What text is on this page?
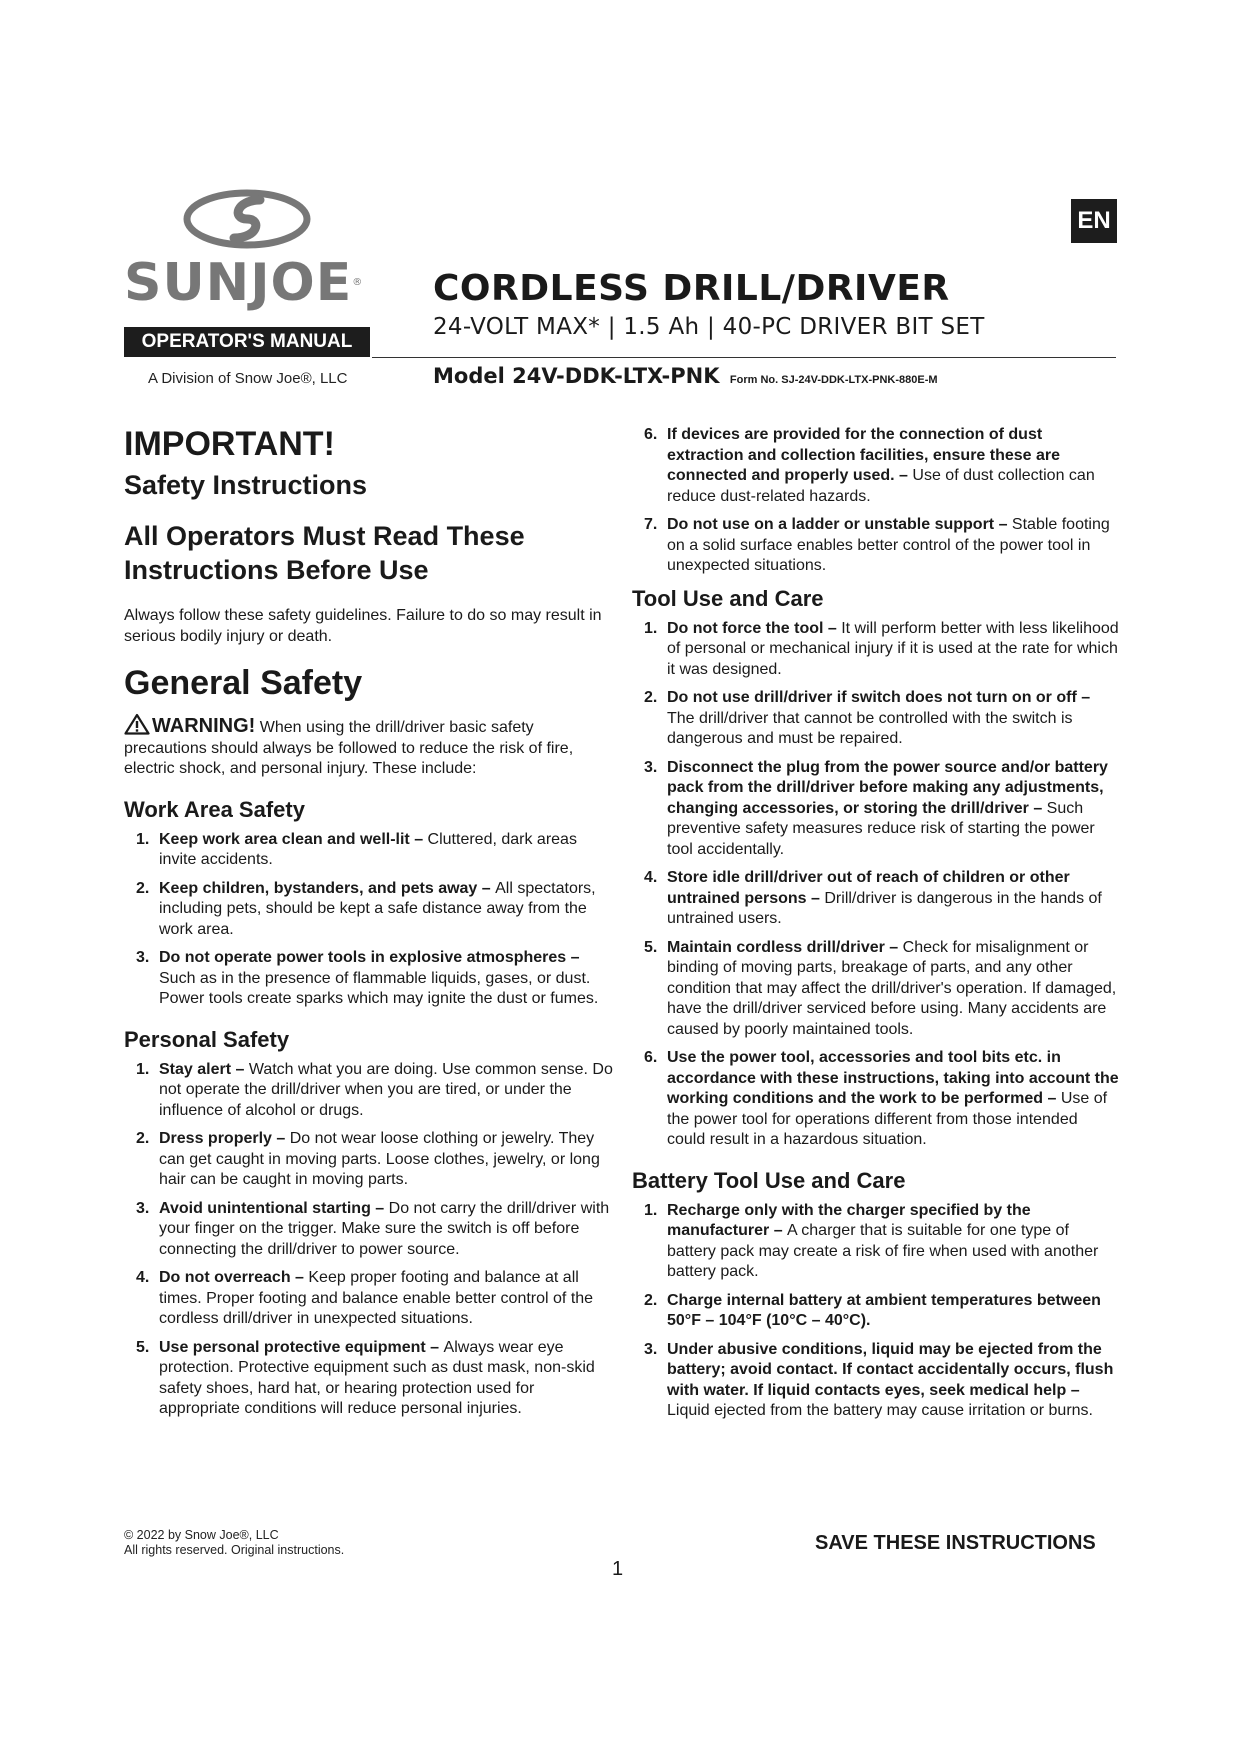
SUNJOE®
OPERATOR'S MANUAL
A Division of Snow Joe®, LLC
CORDLESS DRILL/DRIVER
24-VOLT MAX* | 1.5 Ah | 40-PC DRIVER BIT SET
Model 24V-DDK-LTX-PNK Form No. SJ-24V-DDK-LTX-PNK-880E-M
EN
IMPORTANT!
Safety Instructions
All Operators Must Read These Instructions Before Use

Always follow these safety guidelines. Failure to do so may result in serious bodily injury or death.

General Safety

WARNING! When using the drill/driver basic safety precautions should always be followed to reduce the risk of fire, electric shock, and personal injury. These include:

Work Area Safety
1. Keep work area clean and well-lit – Cluttered, dark areas invite accidents.
2. Keep children, bystanders, and pets away – All spectators, including pets, should be kept a safe distance away from the work area.
3. Do not operate power tools in explosive atmospheres – Such as in the presence of flammable liquids, gases, or dust. Power tools create sparks which may ignite the dust or fumes.
Personal Safety
1. Stay alert – Watch what you are doing. Use common sense. Do not operate the drill/driver when you are tired, or under the influence of alcohol or drugs.
2. Dress properly – Do not wear loose clothing or jewelry. They can get caught in moving parts. Loose clothes, jewelry, or long hair can be caught in moving parts.
3. Avoid unintentional starting – Do not carry the drill/driver with your finger on the trigger. Make sure the switch is off before connecting the drill/driver to power source.
4. Do not overreach – Keep proper footing and balance at all times. Proper footing and balance enable better control of the cordless drill/driver in unexpected situations.
5. Use personal protective equipment – Always wear eye protection. Protective equipment such as dust mask, non-skid safety shoes, hard hat, or hearing protection used for appropriate conditions will reduce personal injuries.
6. If devices are provided for the connection of dust extraction and collection facilities, ensure these are connected and properly used. – Use of dust collection can reduce dust-related hazards.
7. Do not use on a ladder or unstable support – Stable footing on a solid surface enables better control of the power tool in unexpected situations.
Tool Use and Care
1. Do not force the tool – It will perform better with less likelihood of personal or mechanical injury if it is used at the rate for which it was designed.
2. Do not use drill/driver if switch does not turn on or off – The drill/driver that cannot be controlled with the switch is dangerous and must be repaired.
3. Disconnect the plug from the power source and/or battery pack from the drill/driver before making any adjustments, changing accessories, or storing the drill/driver – Such preventive safety measures reduce risk of starting the power tool accidentally.
4. Store idle drill/driver out of reach of children or other untrained persons – Drill/driver is dangerous in the hands of untrained users.
5. Maintain cordless drill/driver – Check for misalignment or binding of moving parts, breakage of parts, and any other condition that may affect the drill/driver's operation. If damaged, have the drill/driver serviced before using. Many accidents are caused by poorly maintained tools.
6. Use the power tool, accessories and tool bits etc. in accordance with these instructions, taking into account the working conditions and the work to be performed – Use of the power tool for operations different from those intended could result in a hazardous situation.
Battery Tool Use and Care
1. Recharge only with the charger specified by the manufacturer – A charger that is suitable for one type of battery pack may create a risk of fire when used with another battery pack.
2. Charge internal battery at ambient temperatures between 50°F – 104°F (10°C – 40°C).
3. Under abusive conditions, liquid may be ejected from the battery; avoid contact. If contact accidentally occurs, flush with water. If liquid contacts eyes, seek medical help – Liquid ejected from the battery may cause irritation or burns.
© 2022 by Snow Joe®, LLC
All rights reserved. Original instructions.	SAVE THESE INSTRUCTIONS
1
